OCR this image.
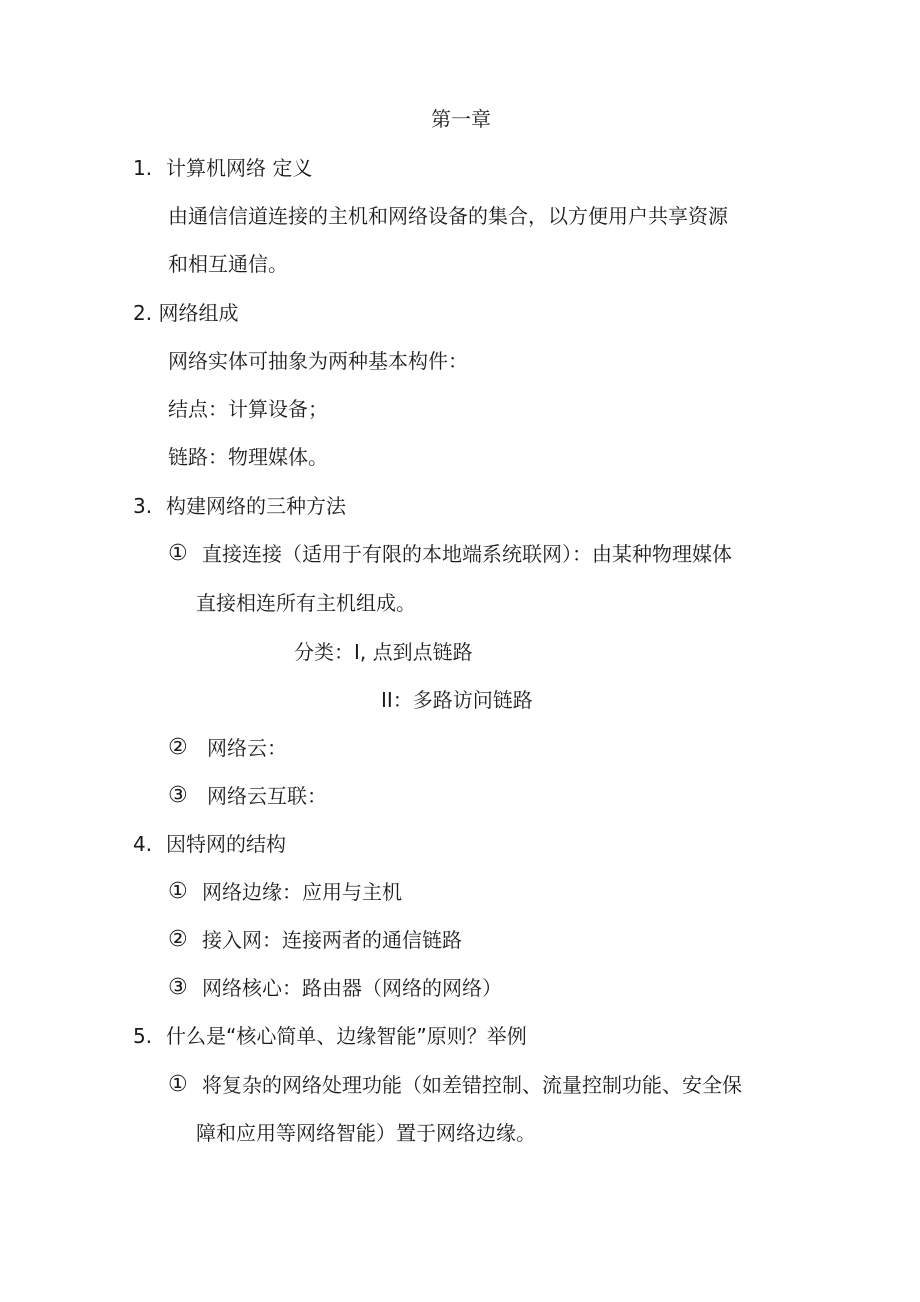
第一章
1. 计算机网络 定义
由通信信道连接的主机和网络设备的集合，以方便用户共享资源
和相互通信。
2. 网络组成
网络实体可抽象为两种基本构件：
结点：计算设备；
链路：物理媒体。
3. 构建网络的三种方法
① 直接连接（适用于有限的本地端系统联网）：由某种物理媒体
直接相连所有主机组成。
分类：I, 点到点链路
II：多路访问链路
② 网络云：
③ 网络云互联：
4. 因特网的结构
① 网络边缘：应用与主机
② 接入网：连接两者的通信链路
③ 网络核心：路由器（网络的网络）
5. 什么是“核心简单、边缘智能”原则？举例
① 将复杂的网络处理功能（如差错控制、流量控制功能、安全保
障和应用等网络智能）置于网络边缘。
